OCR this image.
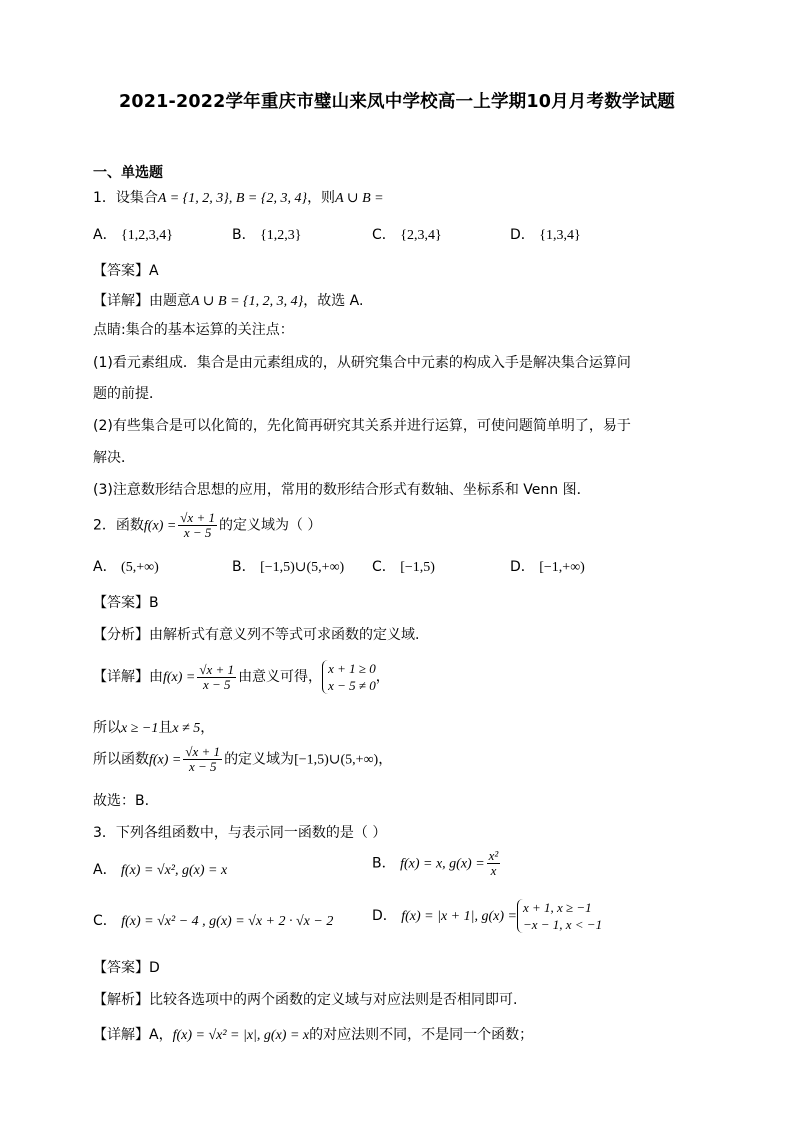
2021-2022学年重庆市璧山来凤中学校高一上学期10月月考数学试题
一、单选题
1．设集合A = {1, 2, 3}, B = {2, 3, 4}，则A ∪ B =
A． {1,2,3,4}	B． {1,2,3}	C． {2,3,4}	D． {1,3,4}
【答案】A
【详解】由题意A ∪ B = {1, 2, 3, 4}，故选 A.
点睛:集合的基本运算的关注点：
(1)看元素组成．集合是由元素组成的，从研究集合中元素的构成入手是解决集合运算问
题的前提．
(2)有些集合是可以化简的，先化简再研究其关系并进行运算，可使问题简单明了，易于
解决．
(3)注意数形结合思想的应用，常用的数形结合形式有数轴、坐标系和 Venn 图．
2．函数$f(x) = \frac{√x + 1}{x - 5}$ 的定义域为（ ）
A． (5,+∞)	B． [−1,5)∪(5,+∞) C． [−1,5)	D． [−1,+∞)
【答案】B
【分析】由解析式有意义列不等式可求函数的定义域.
【详解】由$f(x) = \frac{√x + 1}{x - 5}$ 由意义可得，
x + 1 ≥ 0
x − 5 ≠ 0
，
所以x ≥ −1且x ≠ 5，
所以函数$f(x) = \frac{√x + 1}{x - 5}$ 的定义域为[−1,5)∪(5,+∞)，
故选：B.
3．下列各组函数中，与表示同一函数的是（ ）
A． f(x) = √x², g(x) = x	B． f(x) = x, $g(x) = \frac{\text{x²}}{x}$
C． f(x) = √x² − 4 , g(x) = √x + 2 · √x − 2	D． f(x) = |x + 1|, g(x) =
x + 1, x ≥ −1
−x − 1, x < −1
【答案】D
【解析】比较各选项中的两个函数的定义域与对应法则是否相同即可.
【详解】A，f(x) = √x² = |x|, g(x) = x的对应法则不同，不是同一个函数；
